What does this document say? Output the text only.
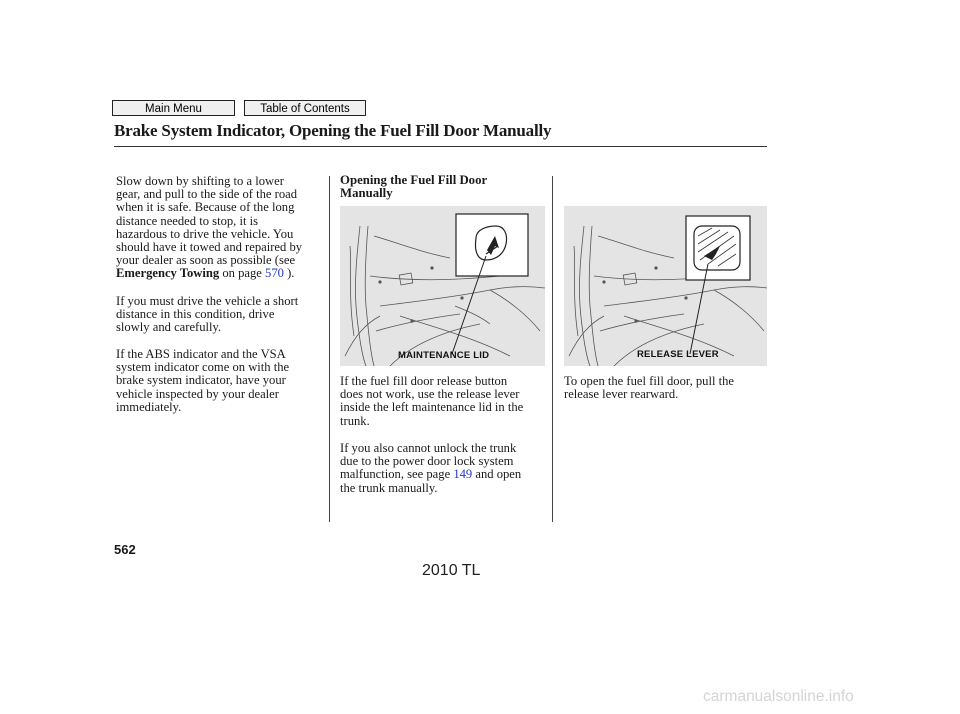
Main Menu	Table of Contents
Brake System Indicator, Opening the Fuel Fill Door Manually
Slow down by shifting to a lower
gear, and pull to the side of the road
when it is safe. Because of the long
distance needed to stop, it is
hazardous to drive the vehicle. You
should have it towed and repaired by
your dealer as soon as possible (see
Emergency Towing on page 570 ).
If you must drive the vehicle a short
distance in this condition, drive
slowly and carefully.
If the ABS indicator and the VSA
system indicator come on with the
brake system indicator, have your
vehicle inspected by your dealer
immediately.
Opening the Fuel Fill Door
Manually
MAINTENANCE LID
If the fuel fill door release button
does not work, use the release lever
inside the left maintenance lid in the
trunk.
If you also cannot unlock the trunk
due to the power door lock system
malfunction, see page 149 and open
the trunk manually.
RELEASE LEVER
To open the fuel fill door, pull the
release lever rearward.
562
2010 TL
carmanualsonline.info
